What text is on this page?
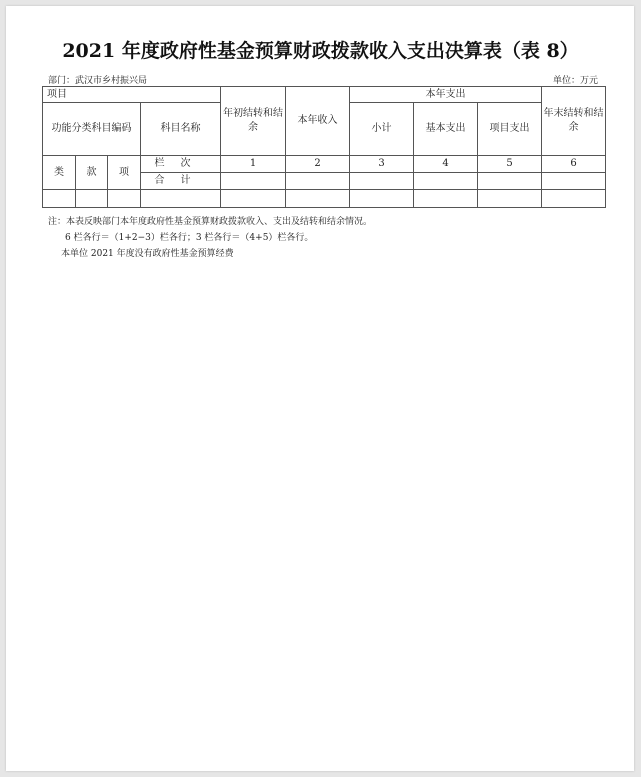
2021 年度政府性基金预算财政拨款收入支出决算表（表 8）
部门：武汉市乡村振兴局	单位：万元
项目				年初结转和结余	本年收入	本年支出			年末结转和结余
功能分类科目编码			科目名称			小计	基本支出	项目支出	

类	款	项	栏次	1	2	3	4	5	6
			合计						

注：本表反映部门本年度政府性基金预算财政拨款收入、支出及结转和结余情况。
6 栏各行＝（1+2−3）栏各行；3 栏各行＝（4+5）栏各行。
本单位 2021 年度没有政府性基金预算经费
